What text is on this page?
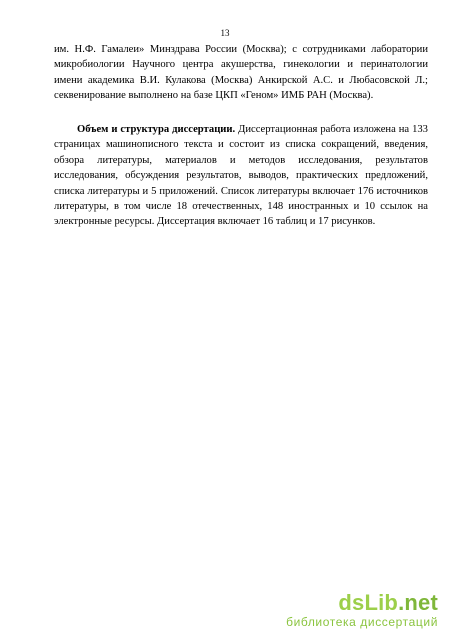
13
им. Н.Ф. Гамалеи» Минздрава России (Москва); с сотрудниками лаборатории
микробиологии Научного центра акушерства, гинекологии и перинатологии
имени академика В.И. Кулакова (Москва) Анкирской А.С. и Любасовской Л.;
секвенирование выполнено на базе ЦКП «Геном» ИМБ РАН (Москва).
Объем и структура диссертации. Диссертационная работа изложена на 133
страницах машинописного текста и состоит из списка сокращений, введения,
обзора литературы, материалов и методов исследования, результатов
исследования, обсуждения результатов, выводов, практических предложений,
списка литературы и 5 приложений. Список литературы включает 176 источников
литературы, в том числе 18 отечественных, 148 иностранных и 10 ссылок на
электронные ресурсы. Диссертация включает 16 таблиц и 17 рисунков.
dsLib.net
библиотека диссертаций
